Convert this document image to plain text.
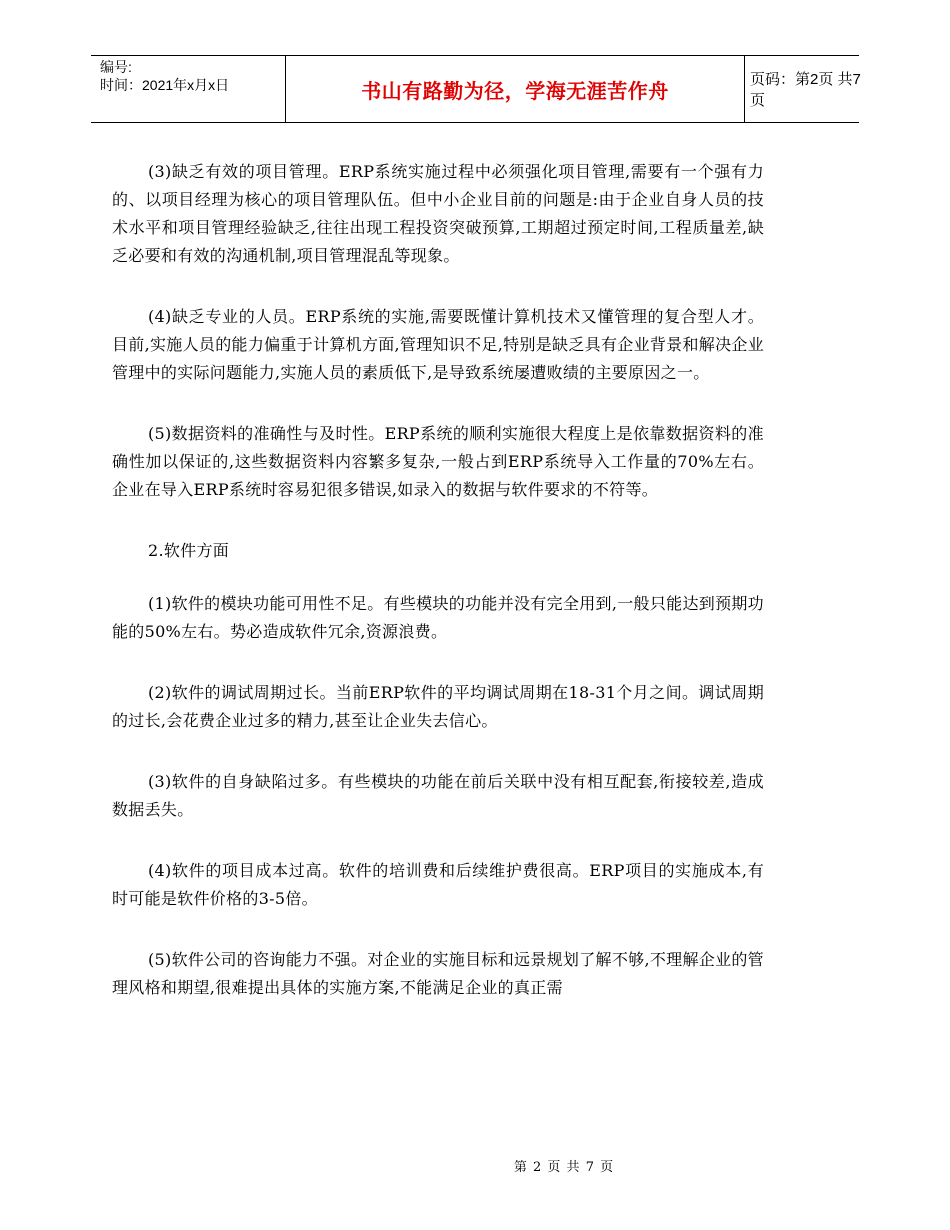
编号:
时间：2021年x月x日	书山有路勤为径，学海无涯苦作舟	页码：第2页 共7页

(3)缺乏有效的项目管理。ERP系统实施过程中必须强化项目管理,需要有一个强有力的、以项目经理为核心的项目管理队伍。但中小企业目前的问题是:由于企业自身人员的技术水平和项目管理经验缺乏,往往出现工程投资突破预算,工期超过预定时间,工程质量差,缺乏必要和有效的沟通机制,项目管理混乱等现象。

(4)缺乏专业的人员。ERP系统的实施,需要既懂计算机技术又懂管理的复合型人才。目前,实施人员的能力偏重于计算机方面,管理知识不足,特别是缺乏具有企业背景和解决企业管理中的实际问题能力,实施人员的素质低下,是导致系统屡遭败绩的主要原因之一。

(5)数据资料的准确性与及时性。ERP系统的顺利实施很大程度上是依靠数据资料的准确性加以保证的,这些数据资料内容繁多复杂,一般占到ERP系统导入工作量的70%左右。企业在导入ERP系统时容易犯很多错误,如录入的数据与软件要求的不符等。

2.软件方面

(1)软件的模块功能可用性不足。有些模块的功能并没有完全用到,一般只能达到预期功能的50%左右。势必造成软件冗余,资源浪费。

(2)软件的调试周期过长。当前ERP软件的平均调试周期在18-31个月之间。调试周期的过长,会花费企业过多的精力,甚至让企业失去信心。

(3)软件的自身缺陷过多。有些模块的功能在前后关联中没有相互配套,衔接较差,造成数据丢失。

(4)软件的项目成本过高。软件的培训费和后续维护费很高。ERP项目的实施成本,有时可能是软件价格的3-5倍。

(5)软件公司的咨询能力不强。对企业的实施目标和远景规划了解不够,不理解企业的管理风格和期望,很难提出具体的实施方案,不能满足企业的真正需

第 2 页 共 7 页
